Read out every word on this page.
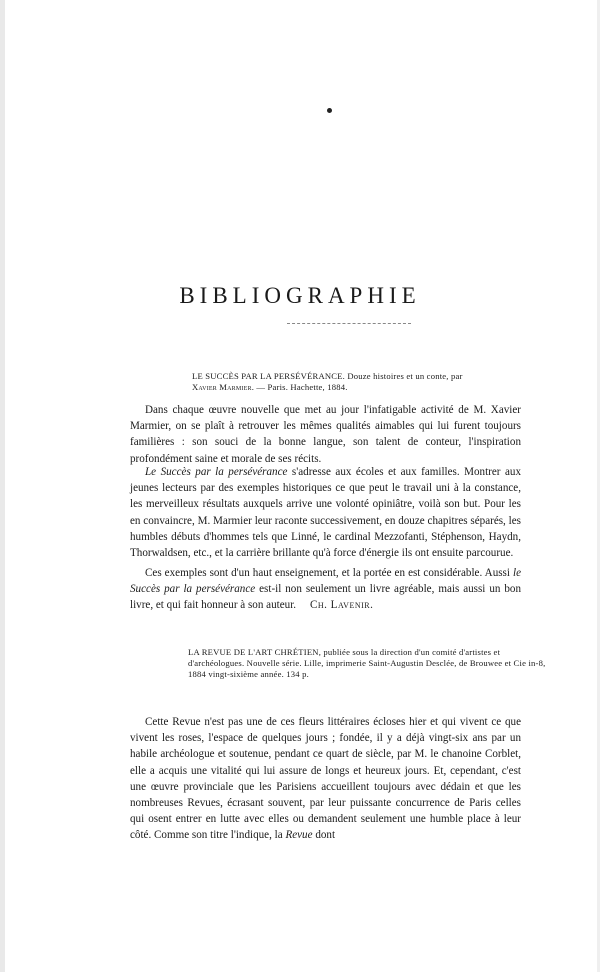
BIBLIOGRAPHIE
LE SUCCÈS PAR LA PERSÉVÉRANCE. Douze histoires et un conte, par
Xavier Marmier. — Paris. Hachette, 1884.

Dans chaque œuvre nouvelle que met au jour l'infatigable activité de M. Xavier Marmier, on se plaît à retrouver les mêmes qualités aimables qui lui furent toujours familières : son souci de la bonne langue, son talent de conteur, l'inspiration profondément saine et morale de ses récits.

Le Succès par la persévérance s'adresse aux écoles et aux familles. Montrer aux jeunes lecteurs par des exemples historiques ce que peut le travail uni à la constance, les merveilleux résultats auxquels arrive une volonté opiniâtre, voilà son but. Pour les en convaincre, M. Marmier leur raconte successivement, en douze chapitres séparés, les humbles débuts d'hommes tels que Linné, le cardinal Mezzofanti, Stéphenson, Haydn, Thorwaldsen, etc., et la carrière brillante qu'à force d'énergie ils ont ensuite parcourue.

Ces exemples sont d'un haut enseignement, et la portée en est considérable. Aussi le Succès par la persévérance est-il non seulement un livre agréable, mais aussi un bon livre, et qui fait honneur à son auteur. Ch. Lavenir.

LA REVUE DE L'ART CHRÉTIEN, publiée sous la direction d'un comité d'artistes et d'archéologues. Nouvelle série. Lille, imprimerie Saint-Augustin Desclée, de Brouwee et Cie in-8, 1884 vingt-sixième année. 134 p.

Cette Revue n'est pas une de ces fleurs littéraires écloses hier et qui vivent ce que vivent les roses, l'espace de quelques jours ; fondée, il y a déjà vingt-six ans par un habile archéologue et soutenue, pendant ce quart de siècle, par M. le chanoine Corblet, elle a acquis une vitalité qui lui assure de longs et heureux jours. Et, cependant, c'est une œuvre provinciale que les Parisiens accueillent toujours avec dédain et que les nombreuses Revues, écrasant souvent, par leur puissante concurrence de Paris celles qui osent entrer en lutte avec elles ou demandent seulement une humble place à leur côté. Comme son titre l'indique, la Revue dont
